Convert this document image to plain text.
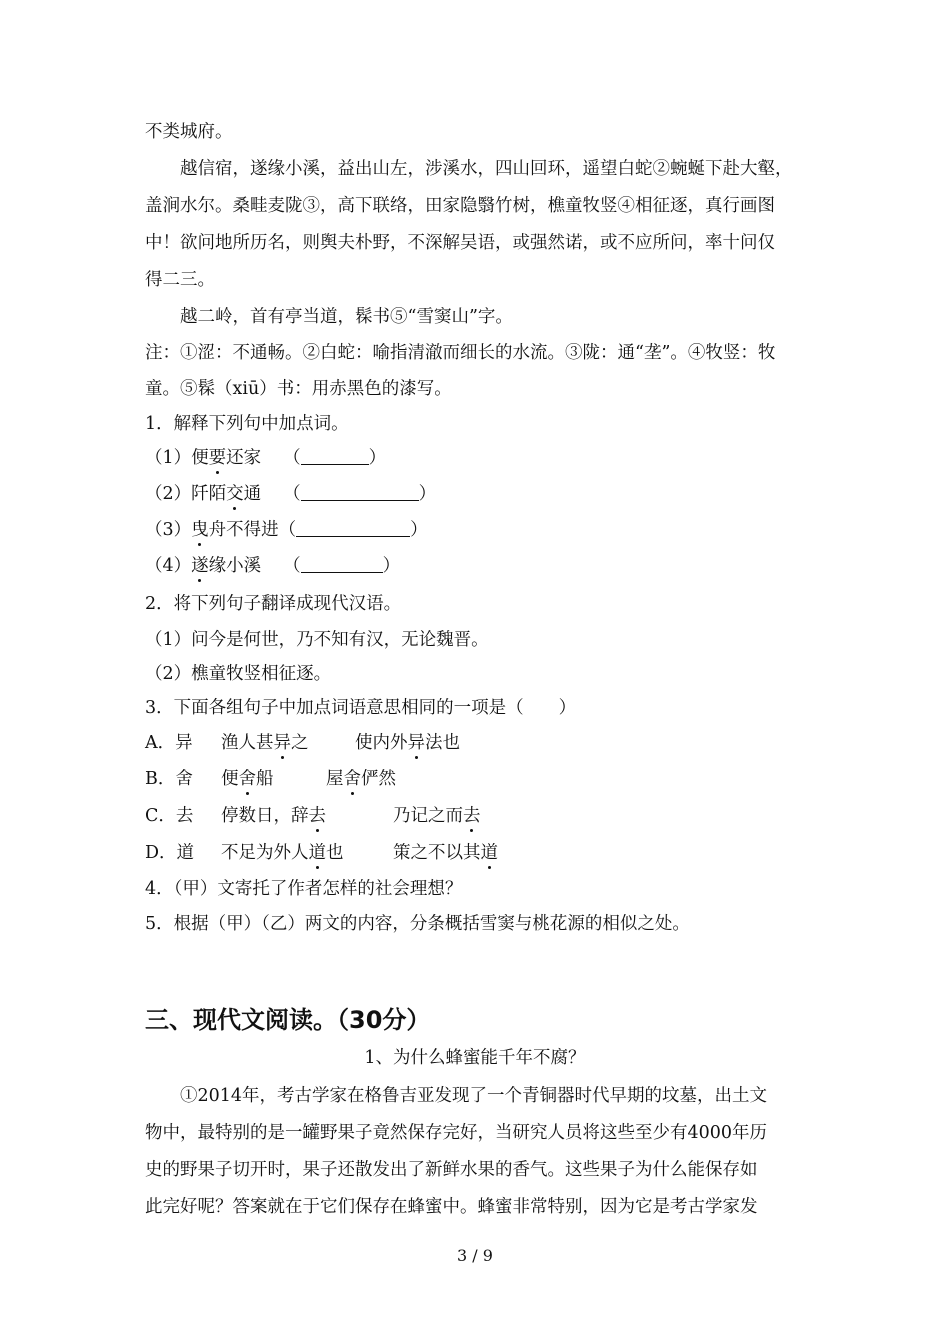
不类城府。
越信宿，遂缘小溪，益出山左，涉溪水，四山回环，遥望白蛇②蜿蜒下赴大壑，
盖涧水尔。桑畦麦陇③，高下联络，田家隐翳竹树，樵童牧竖④相征逐，真行画图
中！欲问地所历名，则舆夫朴野，不深解吴语，或强然诺，或不应所问，率十问仅
得二三。
越二岭，首有亭当道，髹书⑤“雪窦山”字。
注：①涩：不通畅。②白蛇：喻指清澈而细长的水流。③陇：通“垄”。④牧竖：牧
童。⑤髹（xiū）书：用赤黑色的漆写。
1．解释下列句中加点词。
（1）便要还家 （	）
（2）阡陌交通 （	）
（3）曳舟不得进（	）
（4）遂缘小溪 （	）
2．将下列句子翻译成现代汉语。
（1）问今是何世，乃不知有汉，无论魏晋。
（2）樵童牧竖相征逐。
3．下面各组句子中加点词语意思相同的一项是（　　）
A．异 渔人甚异之	使内外异法也
B．舍 便舍船	屋舍俨然
C．去 停数日，辞去	乃记之而去
D．道 不足为外人道也	策之不以其道
4．（甲）文寄托了作者怎样的社会理想？
5．根据（甲）（乙）两文的内容，分条概括雪窦与桃花源的相似之处。
三、现代文阅读。（30分）
1、为什么蜂蜜能千年不腐？
①2014年，考古学家在格鲁吉亚发现了一个青铜器时代早期的坟墓，出土文
物中，最特别的是一罐野果子竟然保存完好，当研究人员将这些至少有4000年历
史的野果子切开时，果子还散发出了新鲜水果的香气。这些果子为什么能保存如
此完好呢？答案就在于它们保存在蜂蜜中。蜂蜜非常特别，因为它是考古学家发
3 / 9
